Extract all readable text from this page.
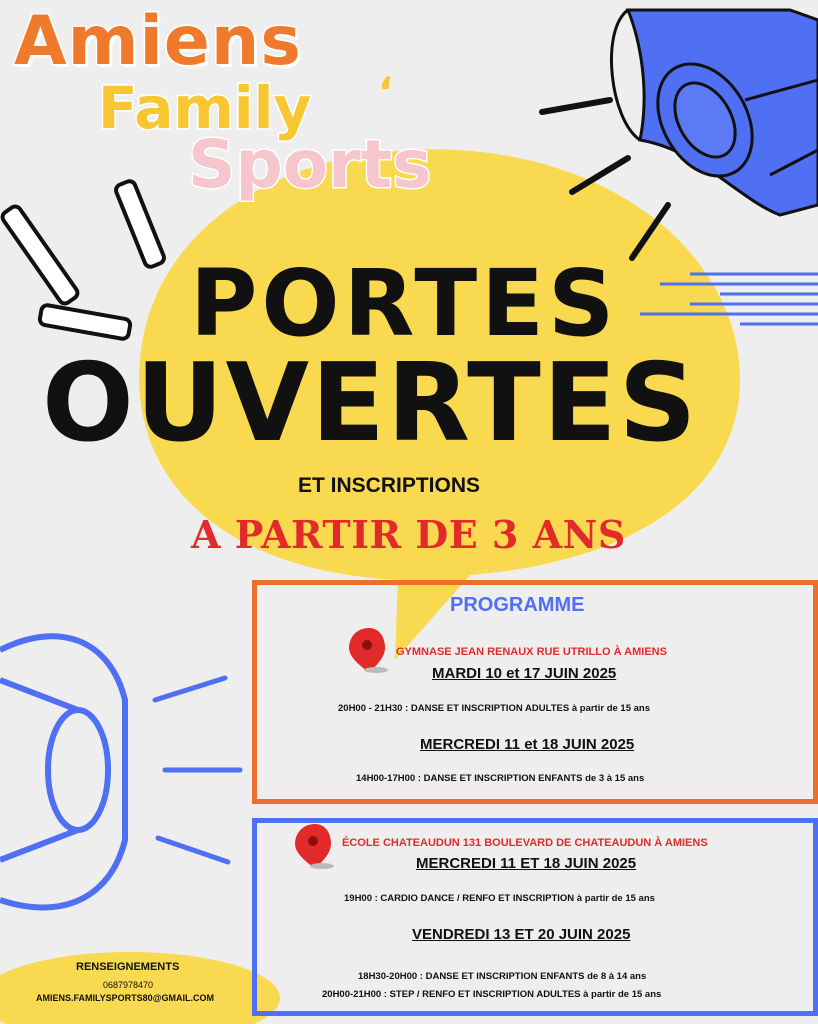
Amiens
Family ‘
Sports
PORTES
OUVERTES
ET INSCRIPTIONS
A PARTIR DE 3 ANS
PROGRAMME
GYMNASE JEAN RENAUX RUE UTRILLO À AMIENS
MARDI 10 et 17 JUIN 2025
20H00 - 21H30 : DANSE ET INSCRIPTION ADULTES à partir de 15 ans
MERCREDI 11 et 18 JUIN 2025
14H00-17H00 : DANSE ET INSCRIPTION ENFANTS de 3 à 15 ans
ÉCOLE CHATEAUDUN 131 BOULEVARD DE CHATEAUDUN À AMIENS
MERCREDI 11 ET 18 JUIN 2025
19H00 : CARDIO DANCE / RENFO ET INSCRIPTION à partir de 15 ans
VENDREDI 13 ET 20 JUIN 2025
18H30-20H00 : DANSE ET INSCRIPTION ENFANTS de 8 à 14 ans
20H00-21H00 : STEP / RENFO ET INSCRIPTION ADULTES à partir de 15 ans
RENSEIGNEMENTS
0687978470
AMIENS.FAMILYSPORTS80@GMAIL.COM
